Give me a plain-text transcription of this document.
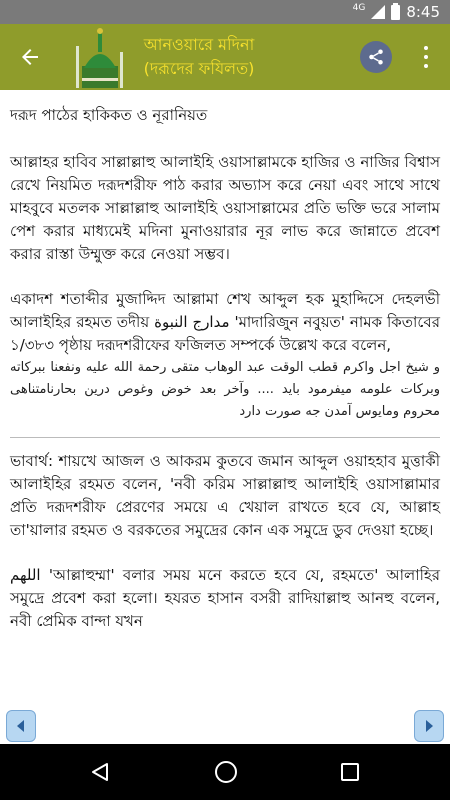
4G	8:45
আনওয়ারে মদিনা
(দরূদের ফযিলত)
দরূদ পাঠের হাকিকত ও নূরানিয়ত
আল্লাহর হাবিব সাল্লাল্লাহু আলাইহি ওয়াসাল্লামকে হাজির ও নাজির বিশ্বাস রেখে নিয়মিত দরূদশরীফ পাঠ করার অভ্যাস করে নেয়া এবং সাথে সাথে মাহবুবে মতলক সাল্লাল্লাহু আলাইহি ওয়াসাল্লামের প্রতি ভক্তি ভরে সালাম পেশ করার মাধ্যমেই মদিনা মুনাওয়ারার নূর লাভ করে জান্নাতে প্রবেশ করার রাস্তা উম্মুক্ত করে নেওয়া সম্ভব।
একাদশ শতাব্দীর মুজাদ্দিদ আল্লামা শেখ আব্দুল হক মুহাদ্দিসে দেহলভী আলাইহির রহমত তদীয় مدارج النبوة 'মাদারিজুন নবুয়ত' নামক কিতাবের ১/৩৮৩ পৃষ্ঠায় দরূদশরীফের ফজিলত সম্পর্কে উল্লেখ করে বলেন,
و شيخ اجل واكرم قطب الوقت عبد الوهاب متقى رحمة الله عليه ونفعنا ببركاته وبركات علومه ميفرمود بايد .... وآخر بعد خوض وغوص درين بحارنامتناهى محروم ومايوس آمدن جه صورت دارد
ভাবার্থ: শায়খে আজল ও আকরম কুতবে জমান আব্দুল ওয়াহহাব মুত্তাকী আলাইহির রহমত বলেন, 'নবী করিম সাল্লাল্লাহু আলাইহি ওয়াসাল্লামার প্রতি দরূদশরীফ প্রেরণের সময়ে এ খেয়াল রাখতে হবে যে, আল্লাহ তা'য়ালার রহমত ও বরকতের সমুদ্রের কোন এক সমুদ্রে ডুব দেওয়া হচ্ছে।
اللهم 'আল্লাহুম্মা' বলার সময় মনে করতে হবে যে, রহমতে' আলাহির সমুদ্রে প্রবেশ করা হলো। হযরত হাসান বসরী রাদিয়াল্লাহু আনহু বলেন, নবী প্রেমিক বান্দা যখন
